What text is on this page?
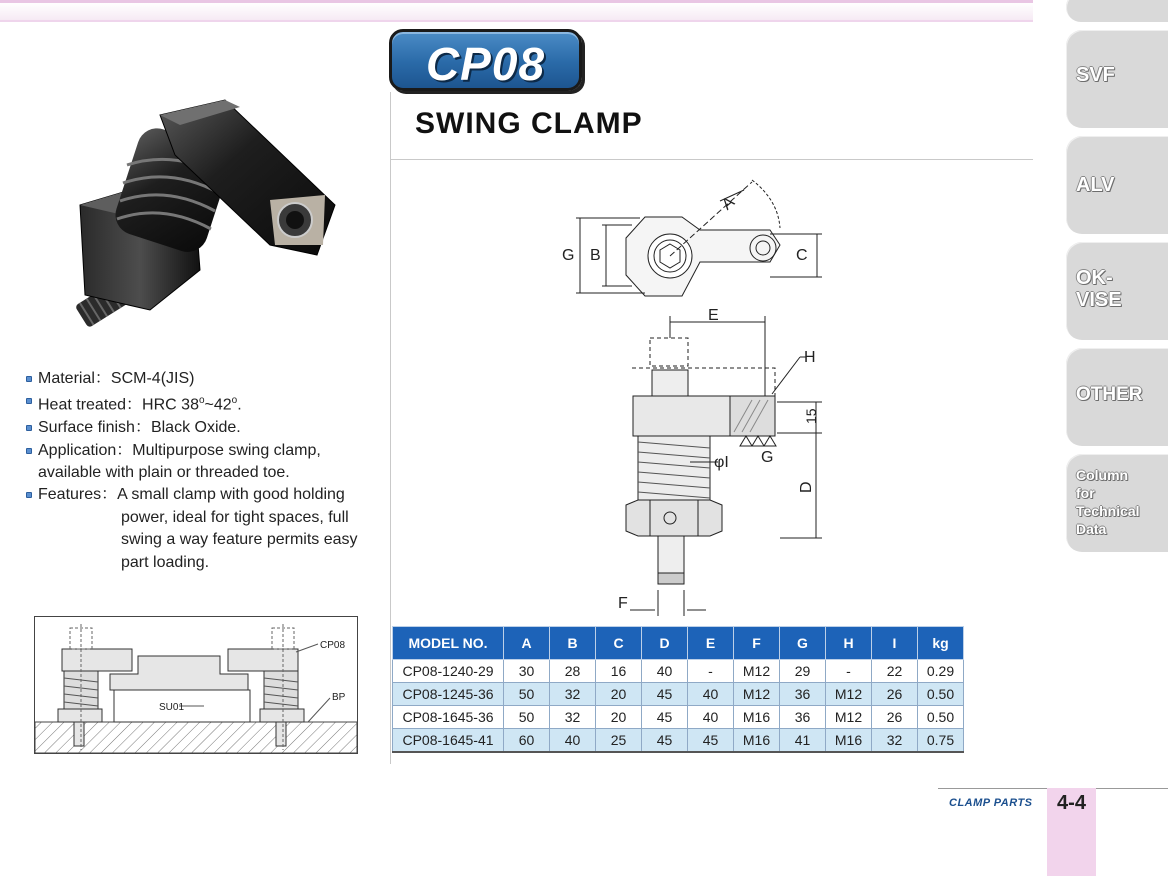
SVF
ALV
OK-
VISE
OTHER
Column
for
Technical
Data
CP08
SWING CLAMP
G B	C
A
E
H
15
φI G
D
F
Material：SCM-4(JIS)
Heat treated：HRC 38$^o$~42$^o$.
Surface finish：Black Oxide.
Application：Multipurpose swing clamp,
available with plain or threaded toe.
Features：A small clamp with good holding
power, ideal for tight spaces, full
swing a way feature permits easy
part loading.
CP08
BP
SU01
MODEL NO.	A	B	C	D	E	F	G	H	I	kg
CP08-1240-29	30	28	16	40	-	M12	29	-	22	0.29
CP08-1245-36	50	32	20	45	40	M12	36	M12	26	0.50
CP08-1645-36	50	32	20	45	40	M16	36	M12	26	0.50
CP08-1645-41	60	40	25	45	45	M16	41	M16	32	0.75
CLAMP PARTS	4-4
